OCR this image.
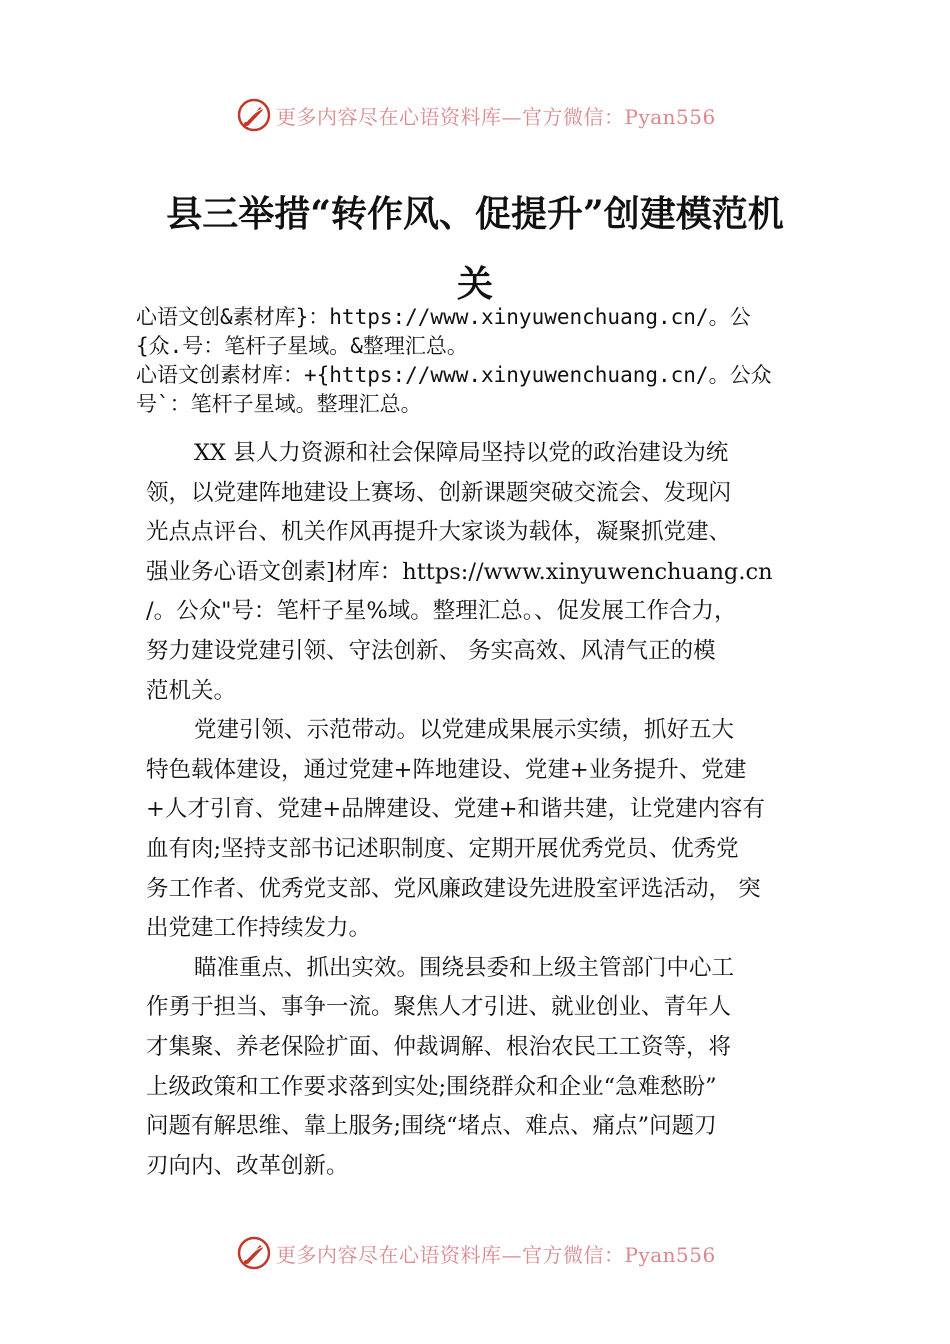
更多内容尽在心语资料库—官方微信：Pyan556
县三举措“转作风、促提升”创建模范机
关
心语文创&素材库}：https://www.xinyuwenchuang.cn/。公
{众.号：笔杆子星域。&整理汇总。
心语文创素材库：+{https://www.xinyuwenchuang.cn/。公众
号`：笔杆子星域。整理汇总。
XX 县人力资源和社会保障局坚持以党的政治建设为统
领，以党建阵地建设上赛场、创新课题突破交流会、发现闪
光点点评台、机关作风再提升大家谈为载体，凝聚抓党建、
强业务心语文创素]材库：https://www.xinyuwenchuang.cn
/。公众"号：笔杆子星%域。整理汇总。、促发展工作合力，
努力建设党建引领、守法创新、 务实高效、风清气正的模
范机关。
党建引领、示范带动。以党建成果展示实绩，抓好五大
特色载体建设，通过党建+阵地建设、党建+业务提升、党建
+人才引育、党建+品牌建设、党建+和谐共建，让党建内容有
血有肉;坚持支部书记述职制度、定期开展优秀党员、优秀党
务工作者、优秀党支部、党风廉政建设先进股室评选活动， 突
出党建工作持续发力。
瞄准重点、抓出实效。围绕县委和上级主管部门中心工
作勇于担当、事争一流。聚焦人才引进、就业创业、青年人
才集聚、养老保险扩面、仲裁调解、根治农民工工资等，将
上级政策和工作要求落到实处;围绕群众和企业“急难愁盼”
问题有解思维、靠上服务;围绕“堵点、难点、痛点”问题刀
刃向内、改革创新。
更多内容尽在心语资料库—官方微信：Pyan556
